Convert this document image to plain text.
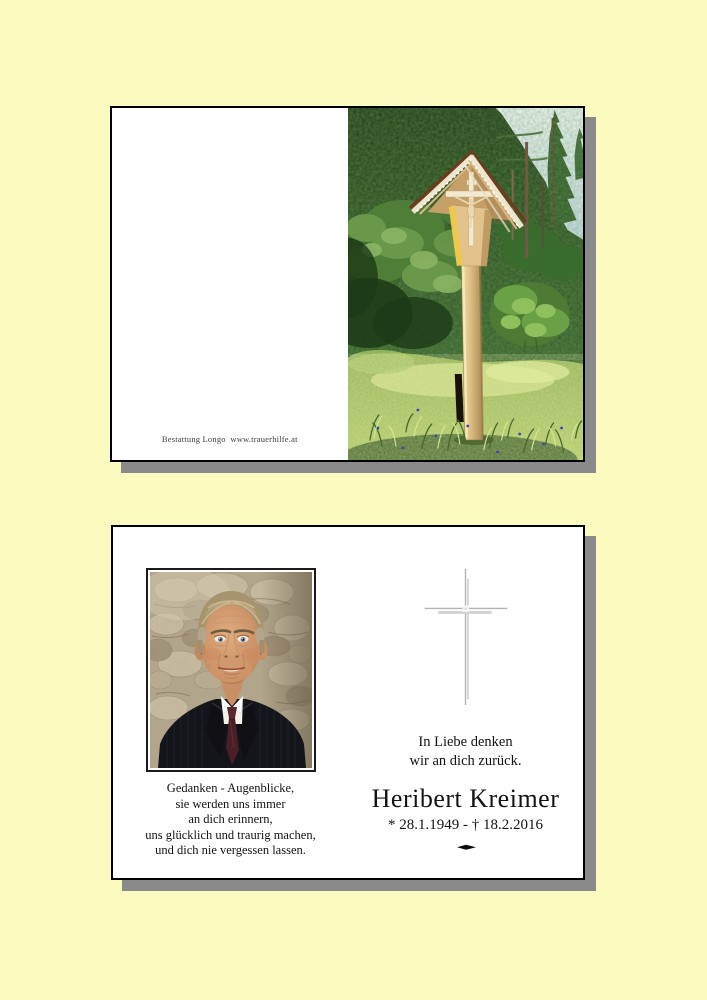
Bestattung Longo  www.trauerhilfe.at
Gedanken - Augenblicke,
sie werden uns immer
an dich erinnern,
uns glücklich und traurig machen,
und dich nie vergessen lassen.
In Liebe denken
wir an dich zurück.
Heribert Kreimer
* 28.1.1949 - † 18.2.2016
